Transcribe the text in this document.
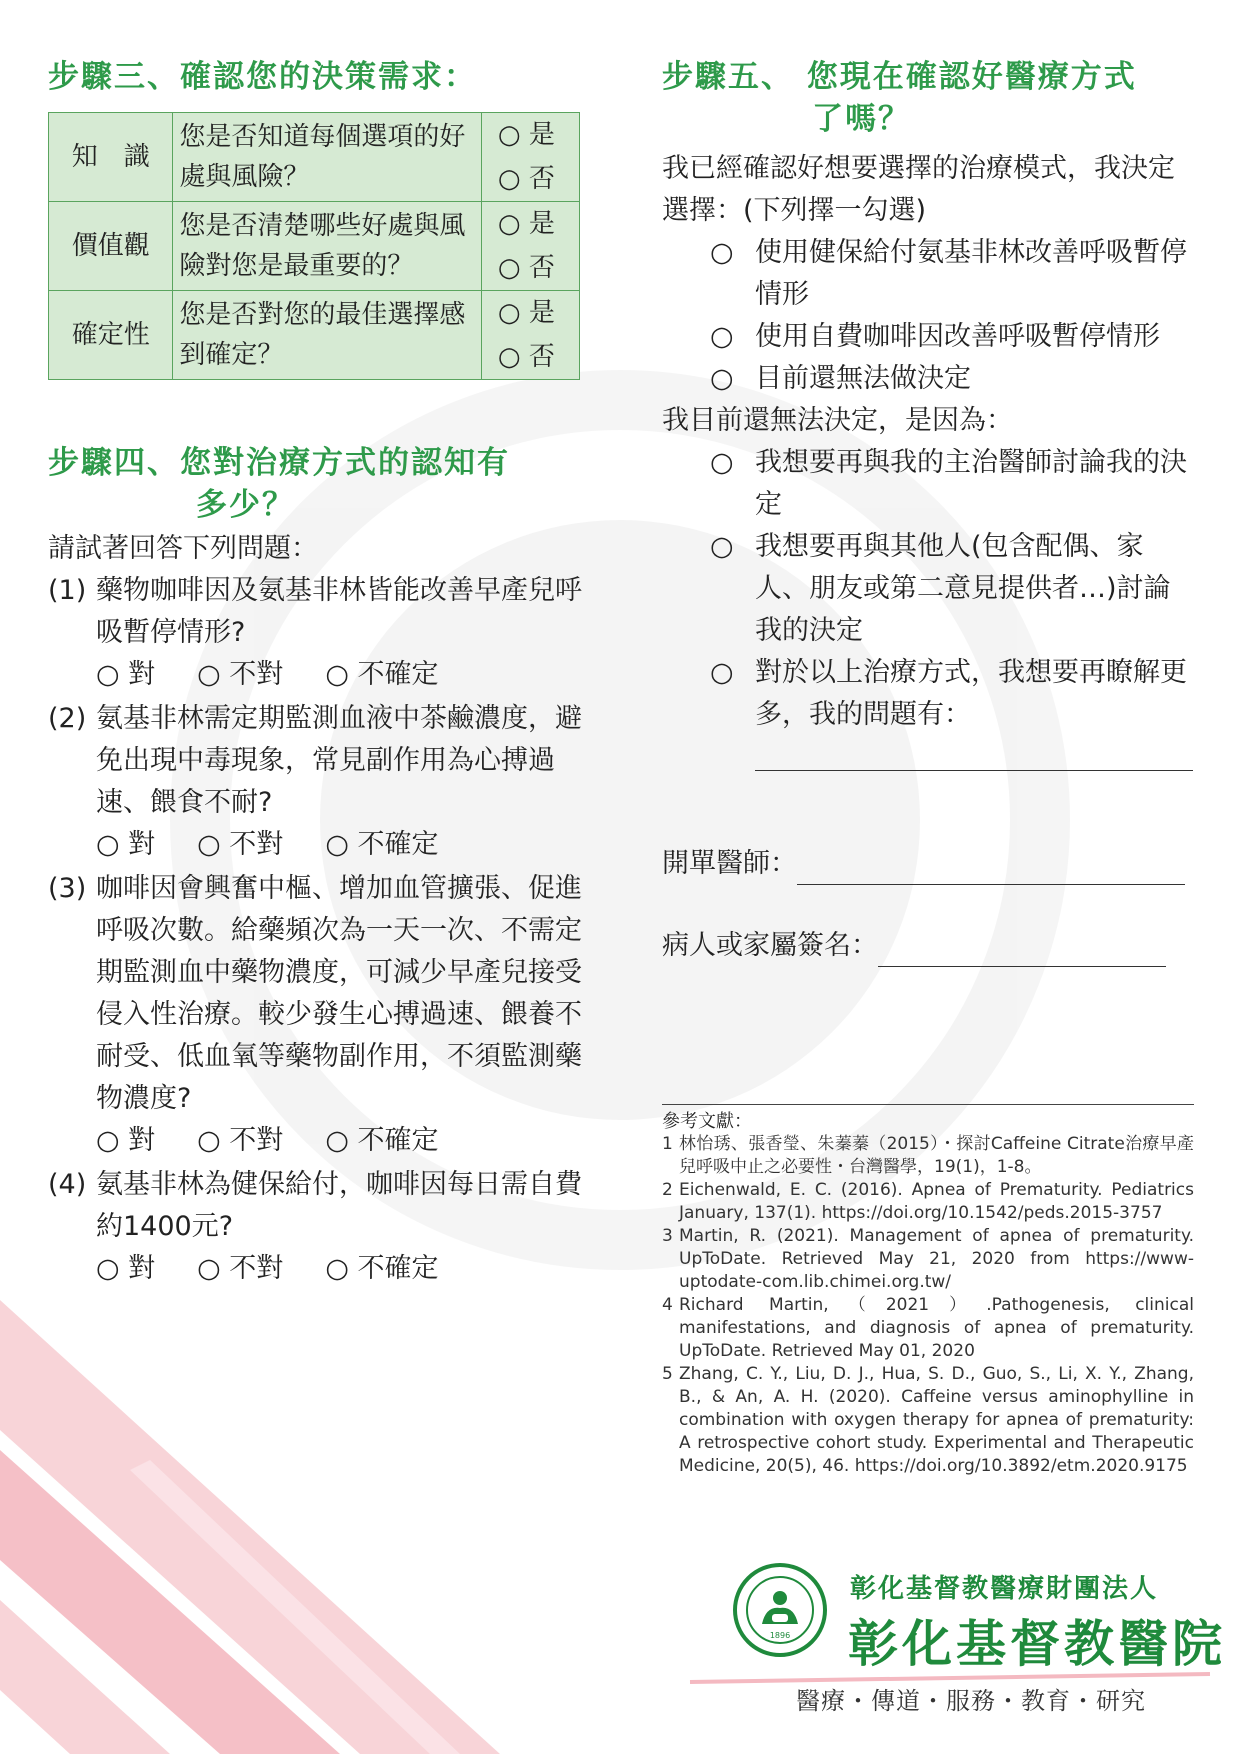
步驟三、確認您的決策需求：
知　識	您是否知道每個選項的好處與風險？	○ 是
		○ 否
價值觀	您是否清楚哪些好處與風險對您是最重要的？	○ 是
		○ 否
確定性	您是否對您的最佳選擇感到確定？	○ 是
		○ 否
步驟四、您對治療方式的認知有
多少？

請試著回答下列問題：

(1) 藥物咖啡因及氨基非林皆能改善早產兒呼吸暫停情形?
○ 對 ○ 不對 ○ 不確定
(2) 氨基非林需定期監測血液中茶鹼濃度，避免出現中毒現象，常見副作用為心搏過速、餵食不耐?
○ 對 ○ 不對 ○ 不確定
(3) 咖啡因會興奮中樞、增加血管擴張、促進呼吸次數。給藥頻次為一天一次、不需定期監測血中藥物濃度，可減少早產兒接受侵入性治療。較少發生心搏過速、餵養不耐受、低血氧等藥物副作用，不須監測藥物濃度?
○ 對 ○ 不對 ○ 不確定
(4) 氨基非林為健保給付，咖啡因每日需自費約1400元?
○ 對 ○ 不對 ○ 不確定
步驟五、 您現在確認好醫療方式
了嗎？

我已經確認好想要選擇的治療模式，我決定選擇：(下列擇一勾選)

○ 使用健保給付氨基非林改善呼吸暫停情形
○ 使用自費咖啡因改善呼吸暫停情形
○ 目前還無法做決定

我目前還無法決定，是因為：

○ 我想要再與我的主治醫師討論我的決定
○ 我想要再與其他人(包含配偶、家人、朋友或第二意見提供者…)討論我的決定
○ 對於以上治療方式，我想要再瞭解更多，我的問題有：
開單醫師：
病人或家屬簽名：
參考文獻：
1 林怡琇、張香瑩、朱蓁蓁（2015）・探討Caffeine Citrate治療早產兒呼吸中止之必要性・台灣醫學，19(1)，1-8。
2 Eichenwald, E. C. (2016). Apnea of Prematurity. Pediatrics January, 137(1). https://doi.org/10.1542/peds.2015-3757
3 Martin, R. (2021). Management of apnea of prematurity. UpToDate. Retrieved May 21, 2020 from https://www-uptodate-com.lib.chimei.org.tw/
4 Richard Martin,（2021）.Pathogenesis, clinical manifestations, and diagnosis of apnea of prematurity. UpToDate. Retrieved May 01, 2020
5 Zhang, C. Y., Liu, D. J., Hua, S. D., Guo, S., Li, X. Y., Zhang, B., & An, A. H. (2020). Caffeine versus aminophylline in combination with oxygen therapy for apnea of prematurity: A retrospective cohort study. Experimental and Therapeutic Medicine, 20(5), 46. https://doi.org/10.3892/etm.2020.9175
1896
彰化基督教醫療財團法人
彰化基督教醫院
醫療・傳道・服務・教育・研究
